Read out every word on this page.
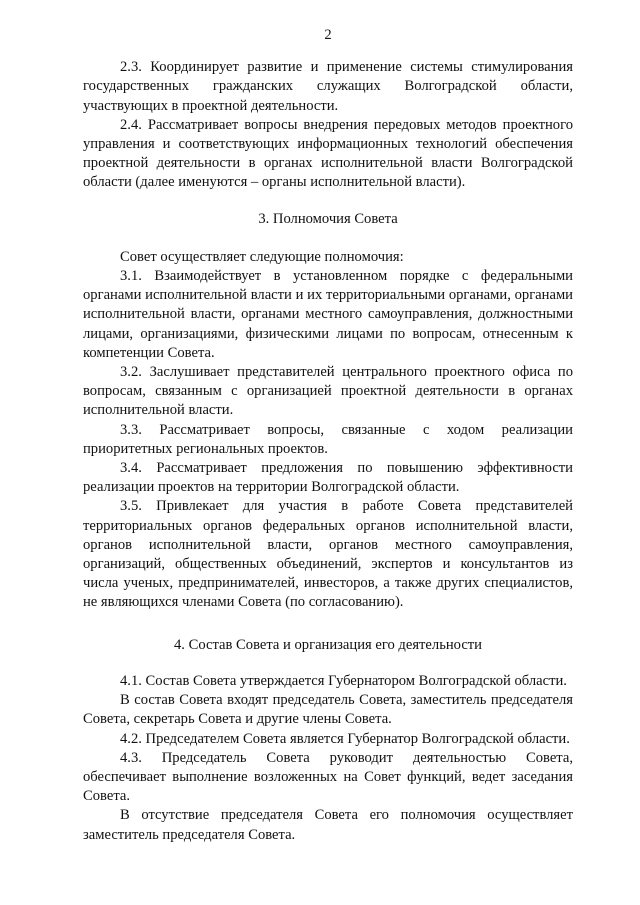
2

2.3. Координирует развитие и применение системы стимулирования государственных гражданских служащих Волгоградской области, участвующих в проектной деятельности.

2.4. Рассматривает вопросы внедрения передовых методов проектного управления и соответствующих информационных технологий обеспечения проектной деятельности в органах исполнительной власти Волгоградской области (далее именуются – органы исполнительной власти).

3. Полномочия Совета

Совет осуществляет следующие полномочия:

3.1. Взаимодействует в установленном порядке с федеральными органами исполнительной власти и их территориальными органами, органами исполнительной власти, органами местного самоуправления, должностными лицами, организациями, физическими лицами по вопросам, отнесенным к компетенции Совета.

3.2. Заслушивает представителей центрального проектного офиса по вопросам, связанным с организацией проектной деятельности в органах исполнительной власти.

3.3. Рассматривает вопросы, связанные с ходом реализации приоритетных региональных проектов.

3.4. Рассматривает предложения по повышению эффективности реализации проектов на территории Волгоградской области.

3.5. Привлекает для участия в работе Совета представителей территориальных органов федеральных органов исполнительной власти, органов исполнительной власти, органов местного самоуправления, организаций, общественных объединений, экспертов и консультантов из числа ученых, предпринимателей, инвесторов, а также других специалистов, не являющихся членами Совета (по согласованию).

4. Состав Совета и организация его деятельности

4.1. Состав Совета утверждается Губернатором Волгоградской области.

В состав Совета входят председатель Совета, заместитель председателя Совета, секретарь Совета и другие члены Совета.

4.2. Председателем Совета является Губернатор Волгоградской области.

4.3. Председатель Совета руководит деятельностью Совета, обеспечивает выполнение возложенных на Совет функций, ведет заседания Совета.

В отсутствие председателя Совета его полномочия осуществляет заместитель председателя Совета.
